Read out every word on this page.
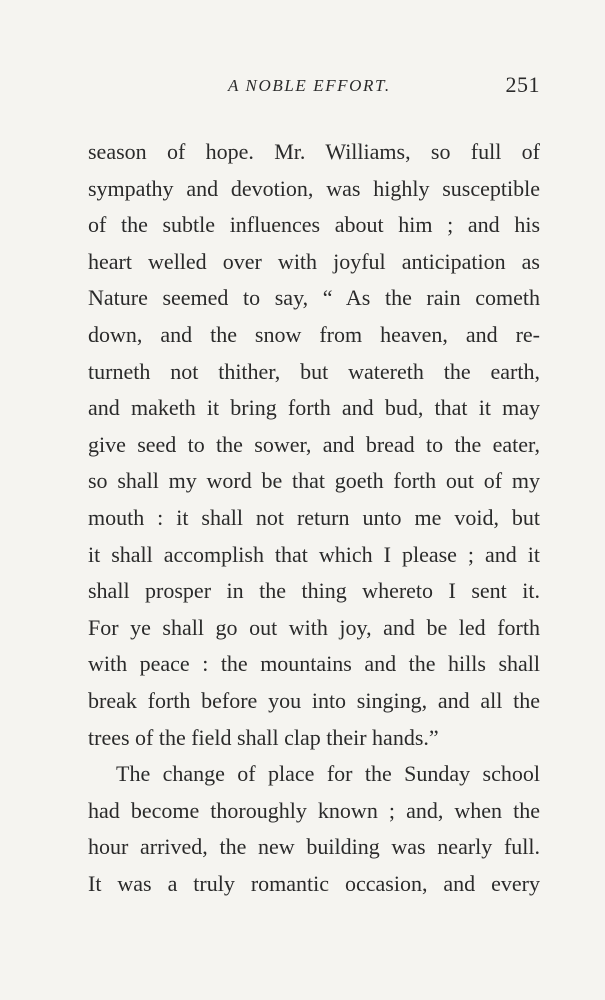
A NOBLE EFFORT.	251
season of hope. Mr. Williams, so full of
sympathy and devotion, was highly susceptible
of the subtle influences about him ; and his
heart welled over with joyful anticipation as
Nature seemed to say, “ As the rain cometh
down, and the snow from heaven, and re-
turneth not thither, but watereth the earth,
and maketh it bring forth and bud, that it may
give seed to the sower, and bread to the eater,
so shall my word be that goeth forth out of my
mouth : it shall not return unto me void, but
it shall accomplish that which I please ; and it
shall prosper in the thing whereto I sent it.
For ye shall go out with joy, and be led forth
with peace : the mountains and the hills shall
break forth before you into singing, and all the
trees of the field shall clap their hands.”
The change of place for the Sunday school
had become thoroughly known ; and, when the
hour arrived, the new building was nearly full.
It was a truly romantic occasion, and every
